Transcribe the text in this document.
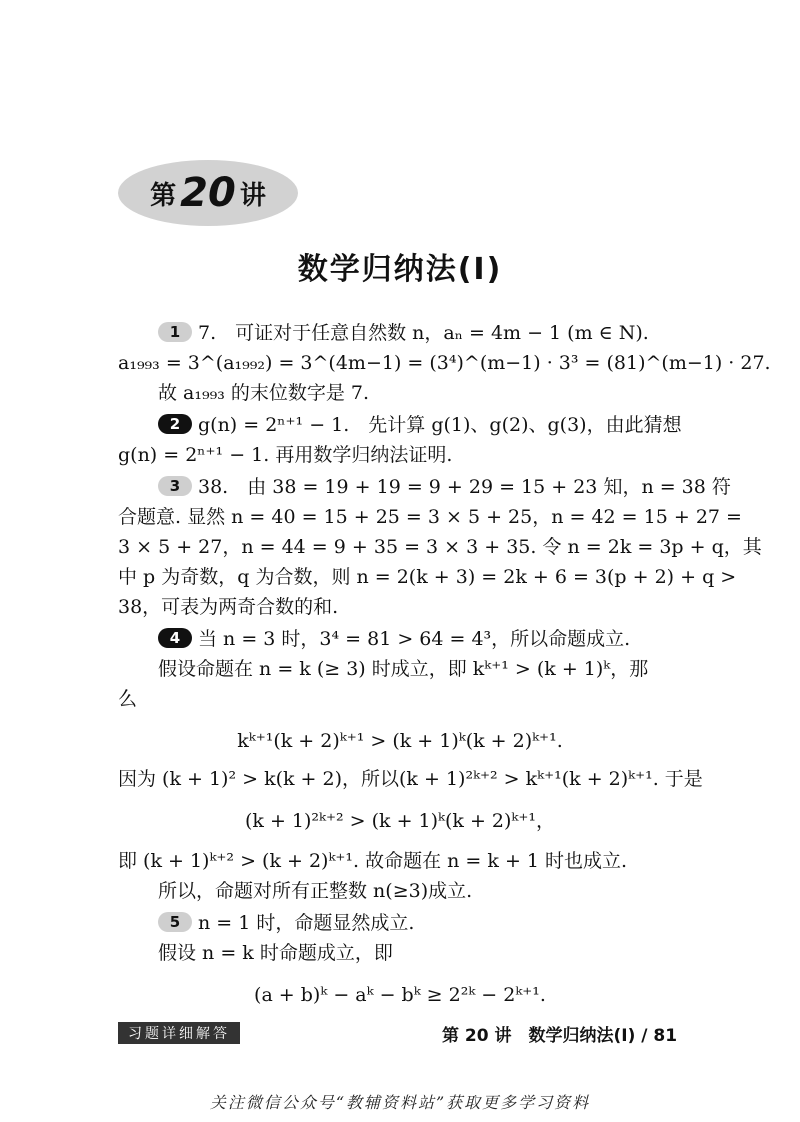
第 20 讲
数学归纳法(Ⅰ)
1 7.　可证对于任意自然数 n，aₙ = 4m − 1 (m ∈ N).
a₁₉₉₃ = 3^(a₁₉₉₂) = 3^(4m−1) = (3⁴)^(m−1) · 3³ = (81)^(m−1) · 27.
故 a₁₉₉₃ 的末位数字是 7.
2 g(n) = 2ⁿ⁺¹ − 1.　先计算 g(1)、g(2)、g(3)，由此猜想
g(n) = 2ⁿ⁺¹ − 1. 再用数学归纳法证明.
3 38.　由 38 = 19 + 19 = 9 + 29 = 15 + 23 知，n = 38 符
合题意. 显然 n = 40 = 15 + 25 = 3 × 5 + 25，n = 42 = 15 + 27 =
3 × 5 + 27，n = 44 = 9 + 35 = 3 × 3 + 35. 令 n = 2k = 3p + q，其
中 p 为奇数，q 为合数，则 n = 2(k + 3) = 2k + 6 = 3(p + 2) + q >
38，可表为两奇合数的和.
4 当 n = 3 时，3⁴ = 81 > 64 = 4³，所以命题成立.
假设命题在 n = k (≥ 3) 时成立，即 kᵏ⁺¹ > (k + 1)ᵏ，那
么
kᵏ⁺¹(k + 2)ᵏ⁺¹ > (k + 1)ᵏ(k + 2)ᵏ⁺¹.
因为 (k + 1)² > k(k + 2)，所以(k + 1)²ᵏ⁺² > kᵏ⁺¹(k + 2)ᵏ⁺¹. 于是
(k + 1)²ᵏ⁺² > (k + 1)ᵏ(k + 2)ᵏ⁺¹，
即 (k + 1)ᵏ⁺² > (k + 2)ᵏ⁺¹. 故命题在 n = k + 1 时也成立.
所以，命题对所有正整数 n(≥3)成立.
5 n = 1 时，命题显然成立.
假设 n = k 时命题成立，即
(a + b)ᵏ − aᵏ − bᵏ ≥ 2²ᵏ − 2ᵏ⁺¹.
习题详细解答	第 20 讲　数学归纳法(Ⅰ) / 81
关注微信公众号“教辅资料站”获取更多学习资料
